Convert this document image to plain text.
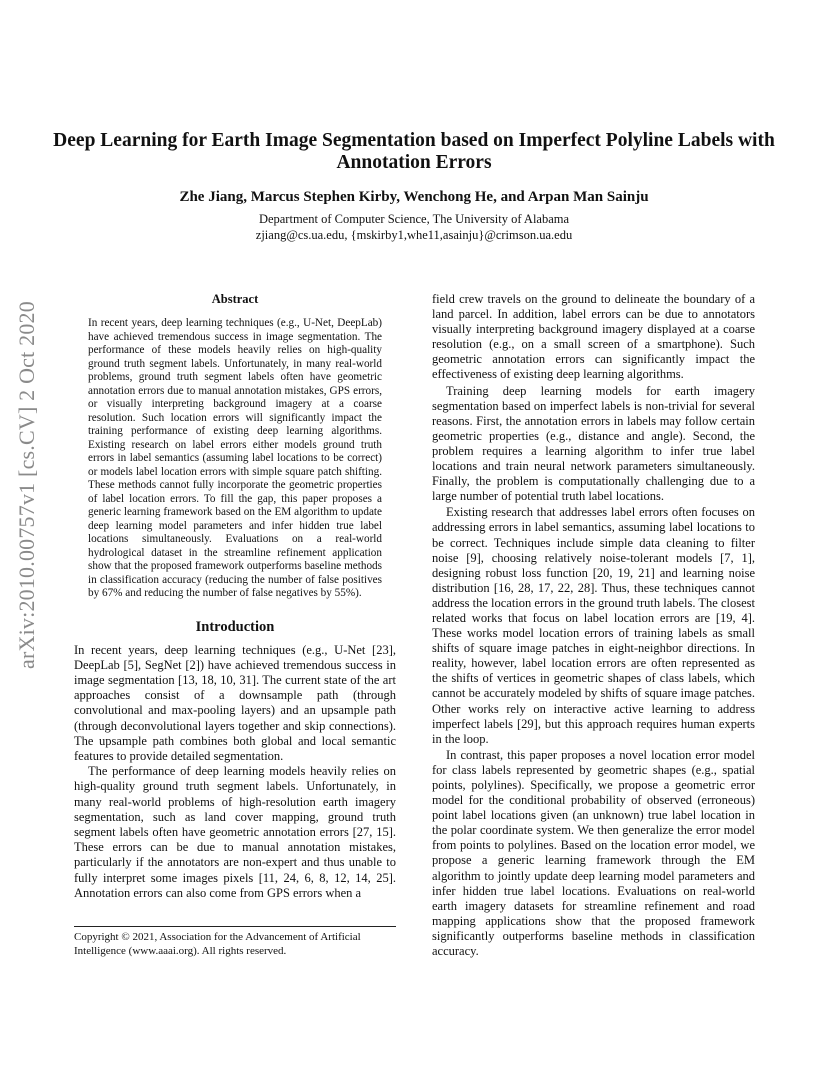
Deep Learning for Earth Image Segmentation based on Imperfect Polyline Labels with Annotation Errors
Zhe Jiang, Marcus Stephen Kirby, Wenchong He, and Arpan Man Sainju
Department of Computer Science, The University of Alabama
zjiang@cs.ua.edu, {mskirby1,whe11,asainju}@crimson.ua.edu
arXiv:2010.00757v1 [cs.CV] 2 Oct 2020
Abstract

In recent years, deep learning techniques (e.g., U-Net, DeepLab) have achieved tremendous success in image segmentation. The performance of these models heavily relies on high-quality ground truth segment labels. Unfortunately, in many real-world problems, ground truth segment labels often have geometric annotation errors due to manual annotation mistakes, GPS errors, or visually interpreting background imagery at a coarse resolution. Such location errors will significantly impact the training performance of existing deep learning algorithms. Existing research on label errors either models ground truth errors in label semantics (assuming label locations to be correct) or models label location errors with simple square patch shifting. These methods cannot fully incorporate the geometric properties of label location errors. To fill the gap, this paper proposes a generic learning framework based on the EM algorithm to update deep learning model parameters and infer hidden true label locations simultaneously. Evaluations on a real-world hydrological dataset in the streamline refinement application show that the proposed framework outperforms baseline methods in classification accuracy (reducing the number of false positives by 67% and reducing the number of false negatives by 55%).

Introduction

In recent years, deep learning techniques (e.g., U-Net [23], DeepLab [5], SegNet [2]) have achieved tremendous success in image segmentation [13, 18, 10, 31]. The current state of the art approaches consist of a downsample path (through convolutional and max-pooling layers) and an upsample path (through deconvolutional layers together and skip connections). The upsample path combines both global and local semantic features to provide detailed segmentation.

The performance of deep learning models heavily relies on high-quality ground truth segment labels. Unfortunately, in many real-world problems of high-resolution earth imagery segmentation, such as land cover mapping, ground truth segment labels often have geometric annotation errors [27, 15]. These errors can be due to manual annotation mistakes, particularly if the annotators are non-expert and thus unable to fully interpret some images pixels [11, 24, 6, 8, 12, 14, 25]. Annotation errors can also come from GPS errors when a

field crew travels on the ground to delineate the boundary of a land parcel. In addition, label errors can be due to annotators visually interpreting background imagery displayed at a coarse resolution (e.g., on a small screen of a smartphone). Such geometric annotation errors can significantly impact the effectiveness of existing deep learning algorithms.

Training deep learning models for earth imagery segmentation based on imperfect labels is non-trivial for several reasons. First, the annotation errors in labels may follow certain geometric properties (e.g., distance and angle). Second, the problem requires a learning algorithm to infer true label locations and train neural network parameters simultaneously. Finally, the problem is computationally challenging due to a large number of potential truth label locations.

Existing research that addresses label errors often focuses on addressing errors in label semantics, assuming label locations to be correct. Techniques include simple data cleaning to filter noise [9], choosing relatively noise-tolerant models [7, 1], designing robust loss function [20, 19, 21] and learning noise distribution [16, 28, 17, 22, 28]. Thus, these techniques cannot address the location errors in the ground truth labels. The closest related works that focus on label location errors are [19, 4]. These works model location errors of training labels as small shifts of square image patches in eight-neighbor directions. In reality, however, label location errors are often represented as the shifts of vertices in geometric shapes of class labels, which cannot be accurately modeled by shifts of square image patches. Other works rely on interactive active learning to address imperfect labels [29], but this approach requires human experts in the loop.

In contrast, this paper proposes a novel location error model for class labels represented by geometric shapes (e.g., spatial points, polylines). Specifically, we propose a geometric error model for the conditional probability of observed (erroneous) point label locations given (an unknown) true label location in the polar coordinate system. We then generalize the error model from points to polylines. Based on the location error model, we propose a generic learning framework through the EM algorithm to jointly update deep learning model parameters and infer hidden true label locations. Evaluations on real-world earth imagery datasets for streamline refinement and road mapping applications show that the proposed framework significantly outperforms baseline methods in classification accuracy.

Copyright © 2021, Association for the Advancement of Artificial Intelligence (www.aaai.org). All rights reserved.
